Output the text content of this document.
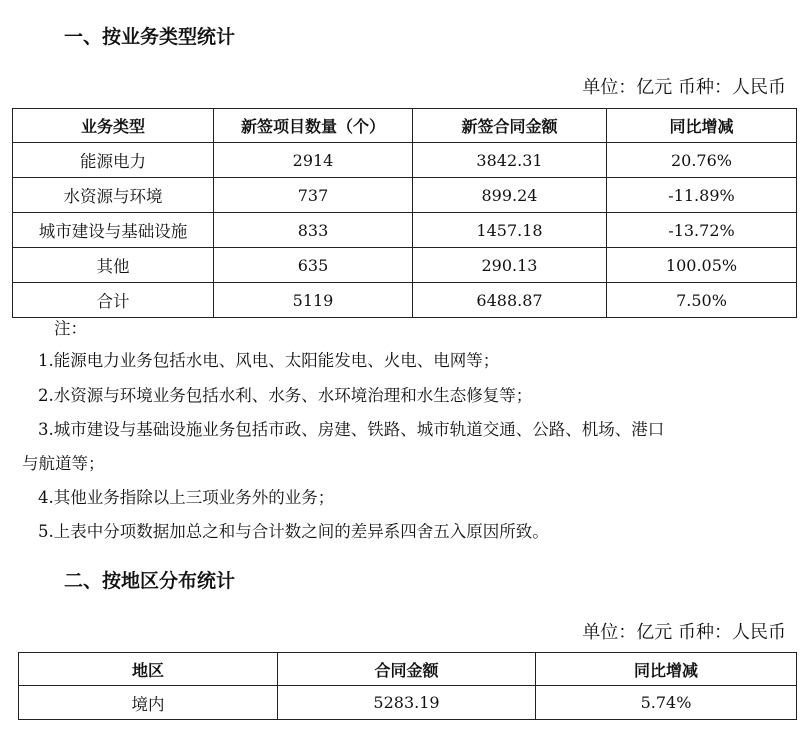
一、按业务类型统计
单位：亿元 币种：人民币
业务类型	新签项目数量（个）	新签合同金额	同比增减
能源电力	2914	3842.31	20.76%
水资源与环境	737	899.24	-11.89%
城市建设与基础设施	833	1457.18	-13.72%
其他	635	290.13	100.05%
合计	5119	6488.87	7.50%
注：
1.能源电力业务包括水电、风电、太阳能发电、火电、电网等；
2.水资源与环境业务包括水利、水务、水环境治理和水生态修复等；
3.城市建设与基础设施业务包括市政、房建、铁路、城市轨道交通、公路、机场、港口
与航道等；
4.其他业务指除以上三项业务外的业务；
5.上表中分项数据加总之和与合计数之间的差异系四舍五入原因所致。
二、按地区分布统计
单位：亿元 币种：人民币
地区	合同金额	同比增减
境内	5283.19	5.74%
